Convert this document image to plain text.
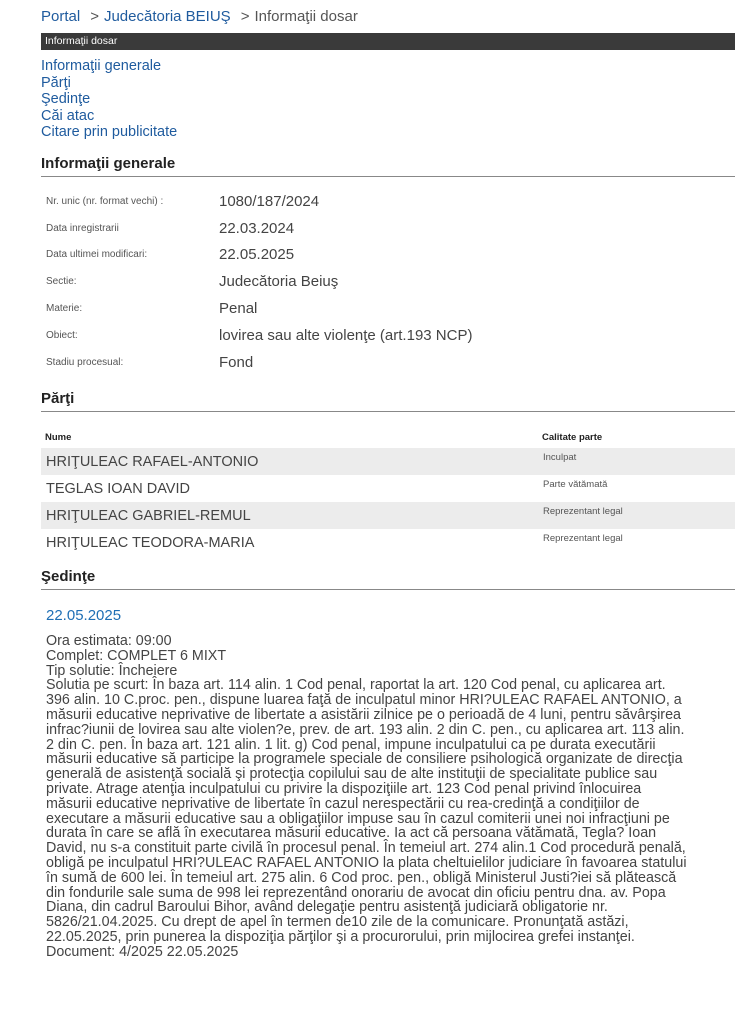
Portal > Judecătoria BEIUŞ > Informaţii dosar
Informaţii dosar
Informaţii generale
Părţi
Şedinţe
Căi atac
Citare prin publicitate
Informaţii generale
Nr. unic (nr. format vechi) :	1080/187/2024
Data inregistrarii	22.03.2024
Data ultimei modificari:	22.05.2025
Sectie:	Judecătoria Beiuş
Materie:	Penal
Obiect:	lovirea sau alte violenţe (art.193 NCP)
Stadiu procesual:	Fond
Părţi
Nume	Calitate parte
HRIŢULEAC RAFAEL-ANTONIO	Inculpat
TEGLAS IOAN DAVID	Parte vătămată
HRIŢULEAC GABRIEL-REMUL	Reprezentant legal
HRIŢULEAC TEODORA-MARIA	Reprezentant legal
Şedinţe
22.05.2025
Ora estimata: 09:00
Complet: COMPLET 6 MIXT
Tip solutie: Încheiere
Solutia pe scurt: În baza art. 114 alin. 1 Cod penal, raportat la art. 120 Cod penal, cu aplicarea art.
396 alin. 10 C.proc. pen., dispune luarea faţă de inculpatul minor HRI?ULEAC RAFAEL ANTONIO, a
măsurii educative neprivative de libertate a asistării zilnice pe o perioadă de 4 luni, pentru săvârşirea
infrac?iunii de lovirea sau alte violen?e, prev. de art. 193 alin. 2 din C. pen., cu aplicarea art. 113 alin.
2 din C. pen. În baza art. 121 alin. 1 lit. g) Cod penal, impune inculpatului ca pe durata executării
măsurii educative să participe la programele speciale de consiliere psihologică organizate de direcţia
generală de asistenţă socială şi protecţia copilului sau de alte instituţii de specialitate publice sau
private. Atrage atenţia inculpatului cu privire la dispoziţiile art. 123 Cod penal privind înlocuirea
măsurii educative neprivative de libertate în cazul nerespectării cu rea-credinţă a condiţiilor de
executare a măsurii educative sau a obligaţiilor impuse sau în cazul comiterii unei noi infracţiuni pe
durata în care se află în executarea măsurii educative. Ia act că persoana vătămată, Tegla? Ioan
David, nu s-a constituit parte civilă în procesul penal. În temeiul art. 274 alin.1 Cod procedură penală,
obligă pe inculpatul HRI?ULEAC RAFAEL ANTONIO la plata cheltuielilor judiciare în favoarea statului
în sumă de 600 lei. În temeiul art. 275 alin. 6 Cod proc. pen., obligă Ministerul Justi?iei să plătească
din fondurile sale suma de 998 lei reprezentând onorariu de avocat din oficiu pentru dna. av. Popa
Diana, din cadrul Baroului Bihor, având delegaţie pentru asistenţă judiciară obligatorie nr.
5826/21.04.2025. Cu drept de apel în termen de10 zile de la comunicare. Pronunţată astăzi,
22.05.2025, prin punerea la dispoziţia părţilor şi a procurorului, prin mijlocirea grefei instanţei.
Document: 4/2025 22.05.2025
